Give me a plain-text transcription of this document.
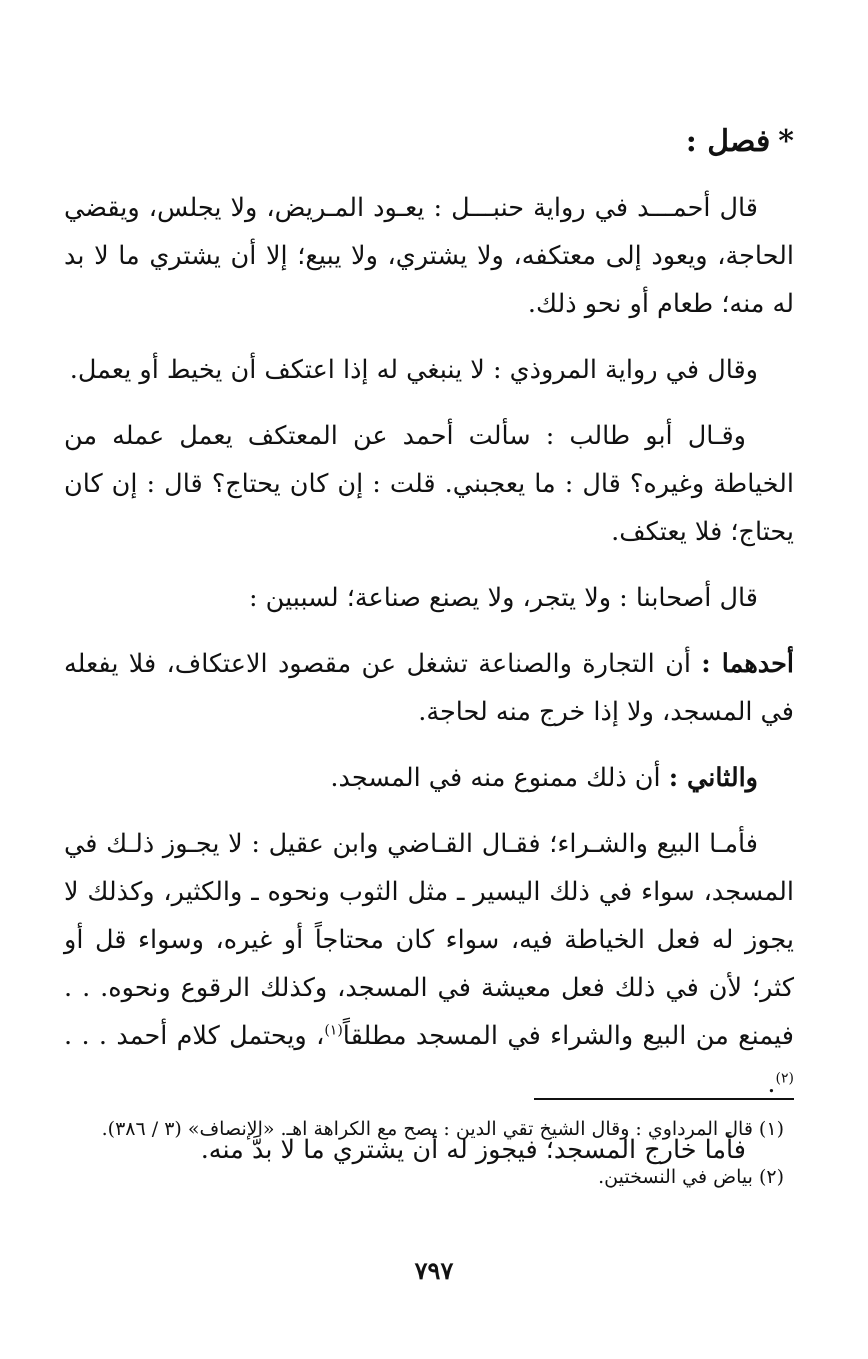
*فصل :

قال أحمـــد في رواية حنبـــل : يعـود المـريض، ولا يجلس، ويقضي الحاجة، ويعود إلى معتكفه، ولا يشتري، ولا يبيع؛ إلا أن يشتري ما لا بد له منه؛ طعام أو نحو ذلك.

وقال في رواية المروذي : لا ينبغي له إذا اعتكف أن يخيط أو يعمل.

وقـال أبو طالب : سألت أحمد عن المعتكف يعمل عمله من الخياطة وغيره؟ قال : ما يعجبني. قلت : إن كان يحتاج؟ قال : إن كان يحتاج؛ فلا يعتكف.

قال أصحابنا : ولا يتجر، ولا يصنع صناعة؛ لسببين :

أحدهما : أن التجارة والصناعة تشغل عن مقصود الاعتكاف، فلا يفعله في المسجد، ولا إذا خرج منه لحاجة.

والثاني : أن ذلك ممنوع منه في المسجد.

فأمـا البيع والشـراء؛ فقـال القـاضي وابن عقيل : لا يجـوز ذلـك في المسجد، سواء في ذلك اليسير ـ مثل الثوب ونحوه ـ والكثير، وكذلك لا يجوز له فعل الخياطة فيه، سواء كان محتاجاً أو غيره، وسواء قل أو كثر؛ لأن في ذلك فعل معيشة في المسجد، وكذلك الرقوع ونحوه. . . فيمنع من البيع والشراء في المسجد مطلقاً$^{(١)}$، ويحتمل كلام أحمد . . .$^{(٢)}$.

فأما خارج المسجد؛ فيجوز له أن يشتري ما لا بدَّ منه.

(١) قال المرداوي : وقال الشيخ تقي الدين : يصح مع الكراهة اهـ. «الإنصاف» (٣ / ٣٨٦).

(٢) بياض في النسختين.

٧٩٧
